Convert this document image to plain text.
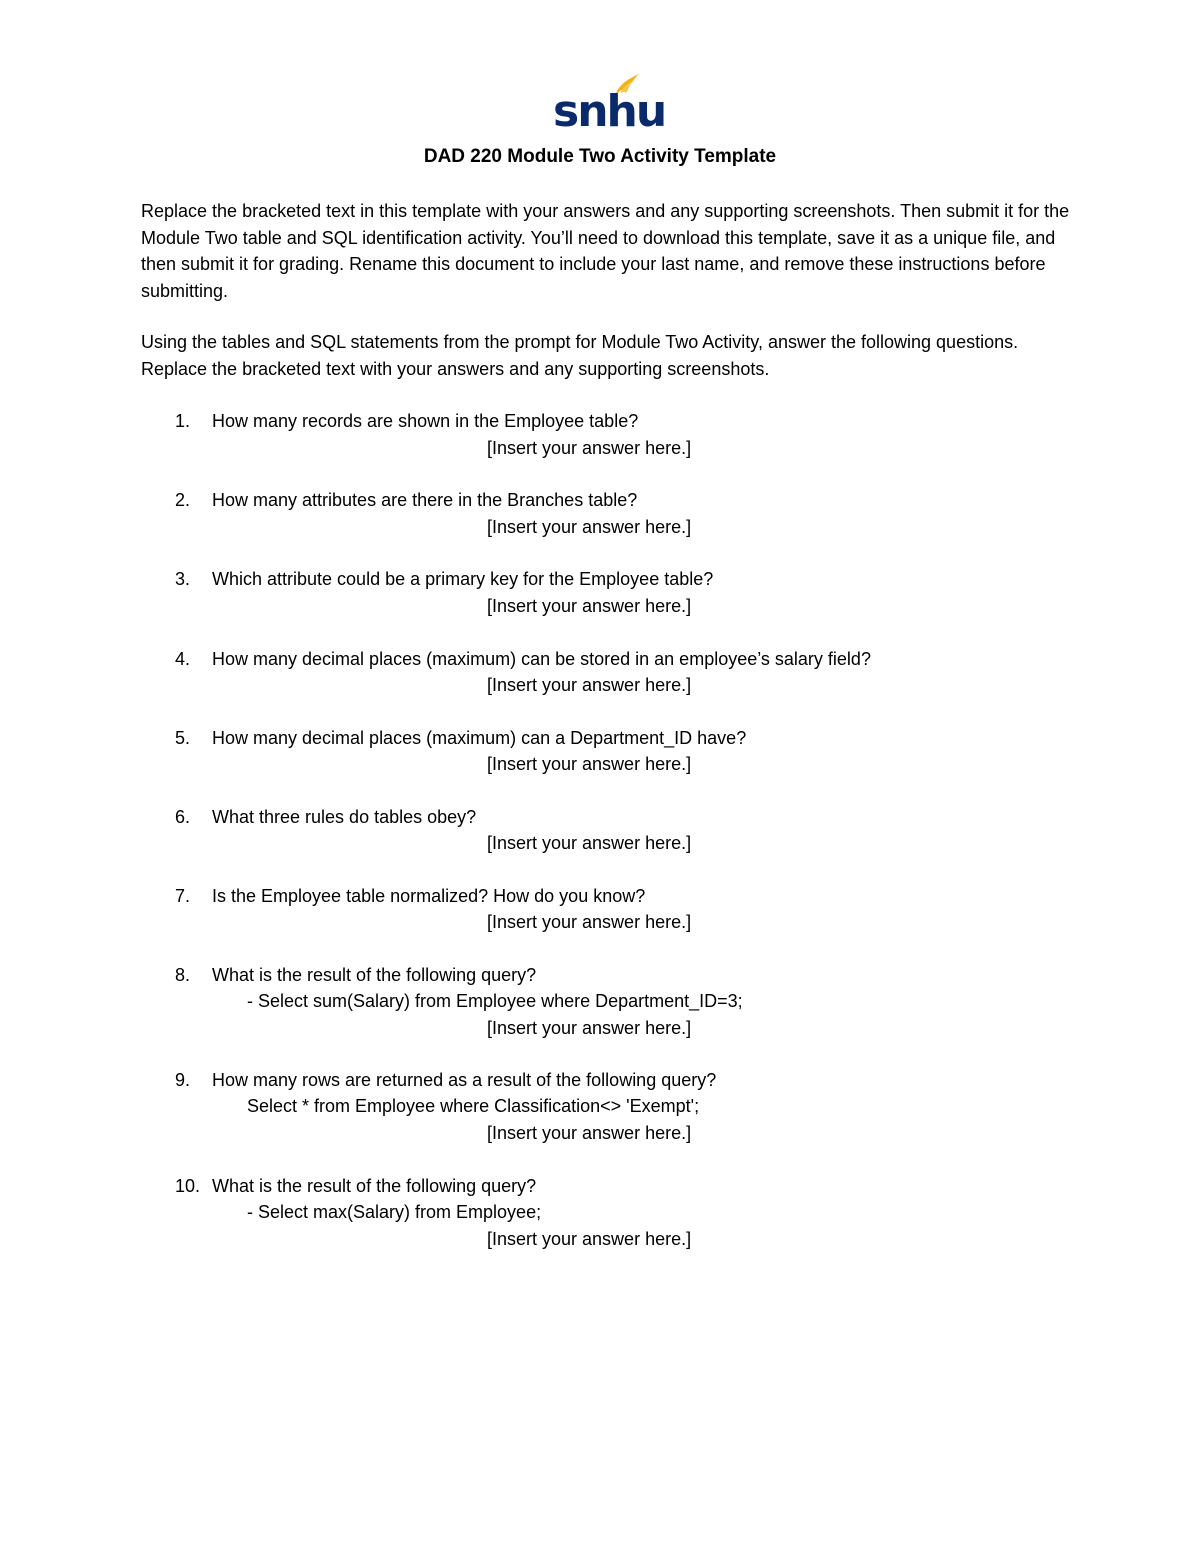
snhu
DAD 220 Module Two Activity Template

Replace the bracketed text in this template with your answers and any supporting screenshots. Then submit it for the Module Two table and SQL identification activity. You’ll need to download this template, save it as a unique file, and then submit it for grading. Rename this document to include your last name, and remove these instructions before submitting.

Using the tables and SQL statements from the prompt for Module Two Activity, answer the following questions. Replace the bracketed text with your answers and any supporting screenshots.

1. How many records are shown in the Employee table?
[Insert your answer here.]
2. How many attributes are there in the Branches table?
[Insert your answer here.]
3. Which attribute could be a primary key for the Employee table?
[Insert your answer here.]
4. How many decimal places (maximum) can be stored in an employee’s salary field?
[Insert your answer here.]
5. How many decimal places (maximum) can a Department_ID have?
[Insert your answer here.]
6. What three rules do tables obey?
[Insert your answer here.]
7. Is the Employee table normalized? How do you know?
[Insert your answer here.]
8. What is the result of the following query?
- Select sum(Salary) from Employee where Department_ID=3;
[Insert your answer here.]
9. How many rows are returned as a result of the following query?
Select * from Employee where Classification<> 'Exempt';
[Insert your answer here.]
10. What is the result of the following query?
- Select max(Salary) from Employee;
[Insert your answer here.]
